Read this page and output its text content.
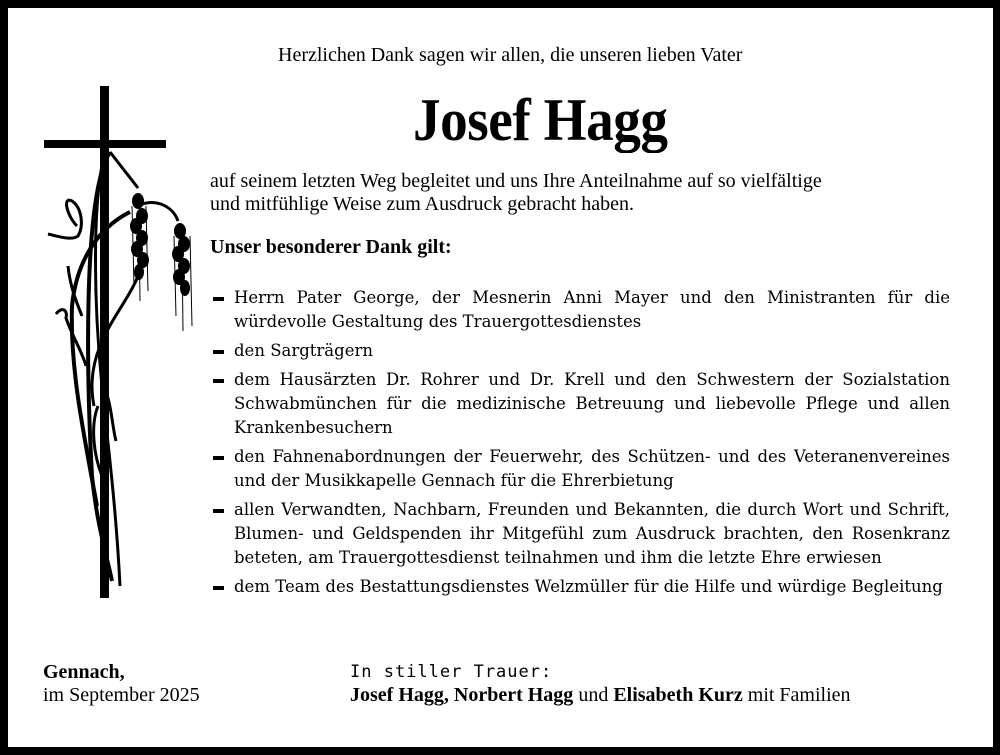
Herzlichen Dank sagen wir allen, die unseren lieben Vater
Josef Hagg
auf seinem letzten Weg begleitet und uns Ihre Anteilnahme auf so vielfältige
und mitfühlige Weise zum Ausdruck gebracht haben.
Unser besonderer Dank gilt:
Herrn Pater George, der Mesnerin Anni Mayer und den Ministranten für die würdevolle Gestaltung des Trauergottesdienstes
den Sargträgern
dem Hausärzten Dr. Rohrer und Dr. Krell und den Schwestern der Sozialstation Schwabmünchen für die medizinische Betreuung und liebevolle Pflege und allen Krankenbesuchern
den Fahnenabordnungen der Feuerwehr, des Schützen- und des Veteranenvereines und der Musikkapelle Gennach für die Ehrerbietung
allen Verwandten, Nachbarn, Freunden und Bekannten, die durch Wort und Schrift, Blumen- und Geldspenden ihr Mitgefühl zum Ausdruck brachten, den Rosenkranz beteten, am Trauergottesdienst teilnahmen und ihm die letzte Ehre erwiesen
dem Team des Bestattungsdienstes Welzmüller für die Hilfe und würdige Begleitung
Gennach,
im September 2025
In stiller Trauer:
Josef Hagg, Norbert Hagg und Elisabeth Kurz mit Familien
